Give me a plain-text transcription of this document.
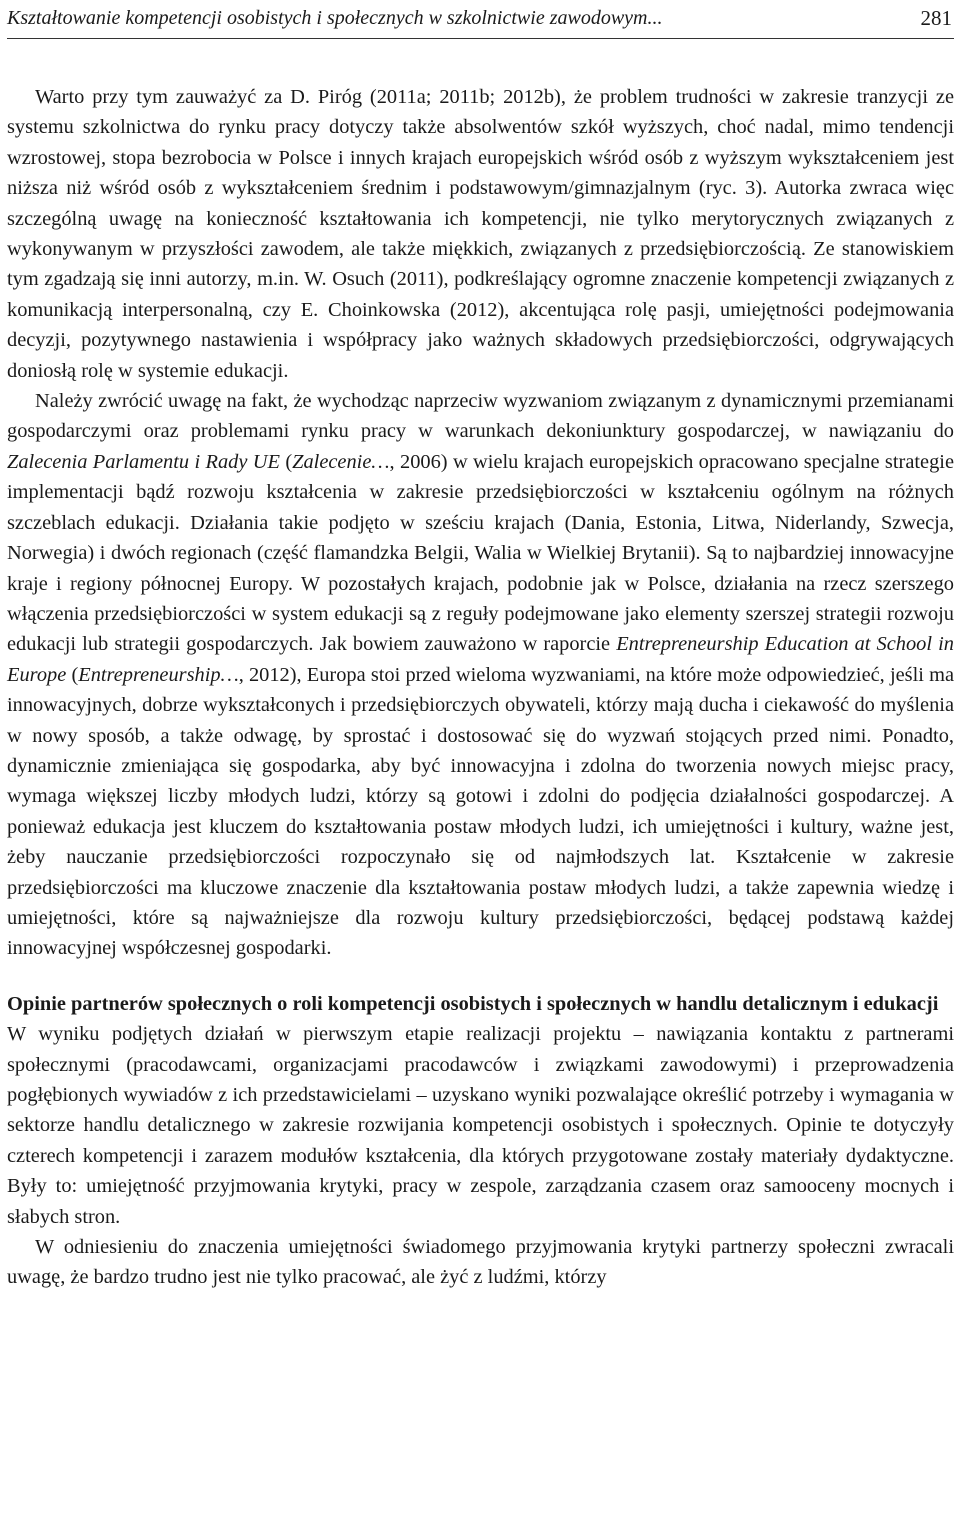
Kształtowanie kompetencji osobistych i społecznych w szkolnictwie zawodowym...	281

Warto przy tym zauważyć za D. Piróg (2011a; 2011b; 2012b), że problem trudności w zakresie tranzycji ze systemu szkolnictwa do rynku pracy dotyczy także absolwentów szkół wyższych, choć nadal, mimo tendencji wzrostowej, stopa bezrobocia w Polsce i innych krajach europejskich wśród osób z wyższym wykształceniem jest niższa niż wśród osób z wykształceniem średnim i podstawowym/gimnazjalnym (ryc. 3). Autorka zwraca więc szczególną uwagę na konieczność kształtowania ich kompetencji, nie tylko merytorycznych związanych z wykonywanym w przyszłości zawodem, ale także miękkich, związanych z przedsiębiorczością. Ze stanowiskiem tym zgadzają się inni autorzy, m.in. W. Osuch (2011), podkreślający ogromne znaczenie kompetencji związanych z komunikacją interpersonalną, czy E. Choinkowska (2012), akcentująca rolę pasji, umiejętności podejmowania decyzji, pozytywnego nastawienia i współpracy jako ważnych składowych przedsiębiorczości, odgrywających doniosłą rolę w systemie edukacji.

Należy zwrócić uwagę na fakt, że wychodząc naprzeciw wyzwaniom związanym z dynamicznymi przemianami gospodarczymi oraz problemami rynku pracy w warunkach dekoniunktury gospodarczej, w nawiązaniu do Zalecenia Parlamentu i Rady UE (Zalecenie…, 2006) w wielu krajach europejskich opracowano specjalne strategie implementacji bądź rozwoju kształcenia w zakresie przedsiębiorczości w kształceniu ogólnym na różnych szczeblach edukacji. Działania takie podjęto w sześciu krajach (Dania, Estonia, Litwa, Niderlandy, Szwecja, Norwegia) i dwóch regionach (część flamandzka Belgii, Walia w Wielkiej Brytanii). Są to najbardziej innowacyjne kraje i regiony północnej Europy. W pozostałych krajach, podobnie jak w Polsce, działania na rzecz szerszego włączenia przedsiębiorczości w system edukacji są z reguły podejmowane jako elementy szerszej strategii rozwoju edukacji lub strategii gospodarczych. Jak bowiem zauważono w raporcie Entrepreneurship Education at School in Europe (Entrepreneurship…, 2012), Europa stoi przed wieloma wyzwaniami, na które może odpowiedzieć, jeśli ma innowacyjnych, dobrze wykształconych i przedsiębiorczych obywateli, którzy mają ducha i ciekawość do myślenia w nowy sposób, a także odwagę, by sprostać i dostosować się do wyzwań stojących przed nimi. Ponadto, dynamicznie zmieniająca się gospodarka, aby być innowacyjna i zdolna do tworzenia nowych miejsc pracy, wymaga większej liczby młodych ludzi, którzy są gotowi i zdolni do podjęcia działalności gospodarczej. A ponieważ edukacja jest kluczem do kształtowania postaw młodych ludzi, ich umiejętności i kultury, ważne jest, żeby nauczanie przedsiębiorczości rozpoczynało się od najmłodszych lat. Kształcenie w zakresie przedsiębiorczości ma kluczowe znaczenie dla kształtowania postaw młodych ludzi, a także zapewnia wiedzę i umiejętności, które są najważniejsze dla rozwoju kultury przedsiębiorczości, będącej podstawą każdej innowacyjnej współczesnej gospodarki.

Opinie partnerów społecznych o roli kompetencji osobistych i społecznych w handlu detalicznym i edukacji

W wyniku podjętych działań w pierwszym etapie realizacji projektu – nawiązania kontaktu z partnerami społecznymi (pracodawcami, organizacjami pracodawców i związkami zawodowymi) i przeprowadzenia pogłębionych wywiadów z ich przedstawicielami – uzyskano wyniki pozwalające określić potrzeby i wymagania w sektorze handlu detalicznego w zakresie rozwijania kompetencji osobistych i społecznych. Opinie te dotyczyły czterech kompetencji i zarazem modułów kształcenia, dla których przygotowane zostały materiały dydaktyczne. Były to: umiejętność przyjmowania krytyki, pracy w zespole, zarządzania czasem oraz samooceny mocnych i słabych stron.

W odniesieniu do znaczenia umiejętności świadomego przyjmowania krytyki partnerzy społeczni zwracali uwagę, że bardzo trudno jest nie tylko pracować, ale żyć z ludźmi, którzy
